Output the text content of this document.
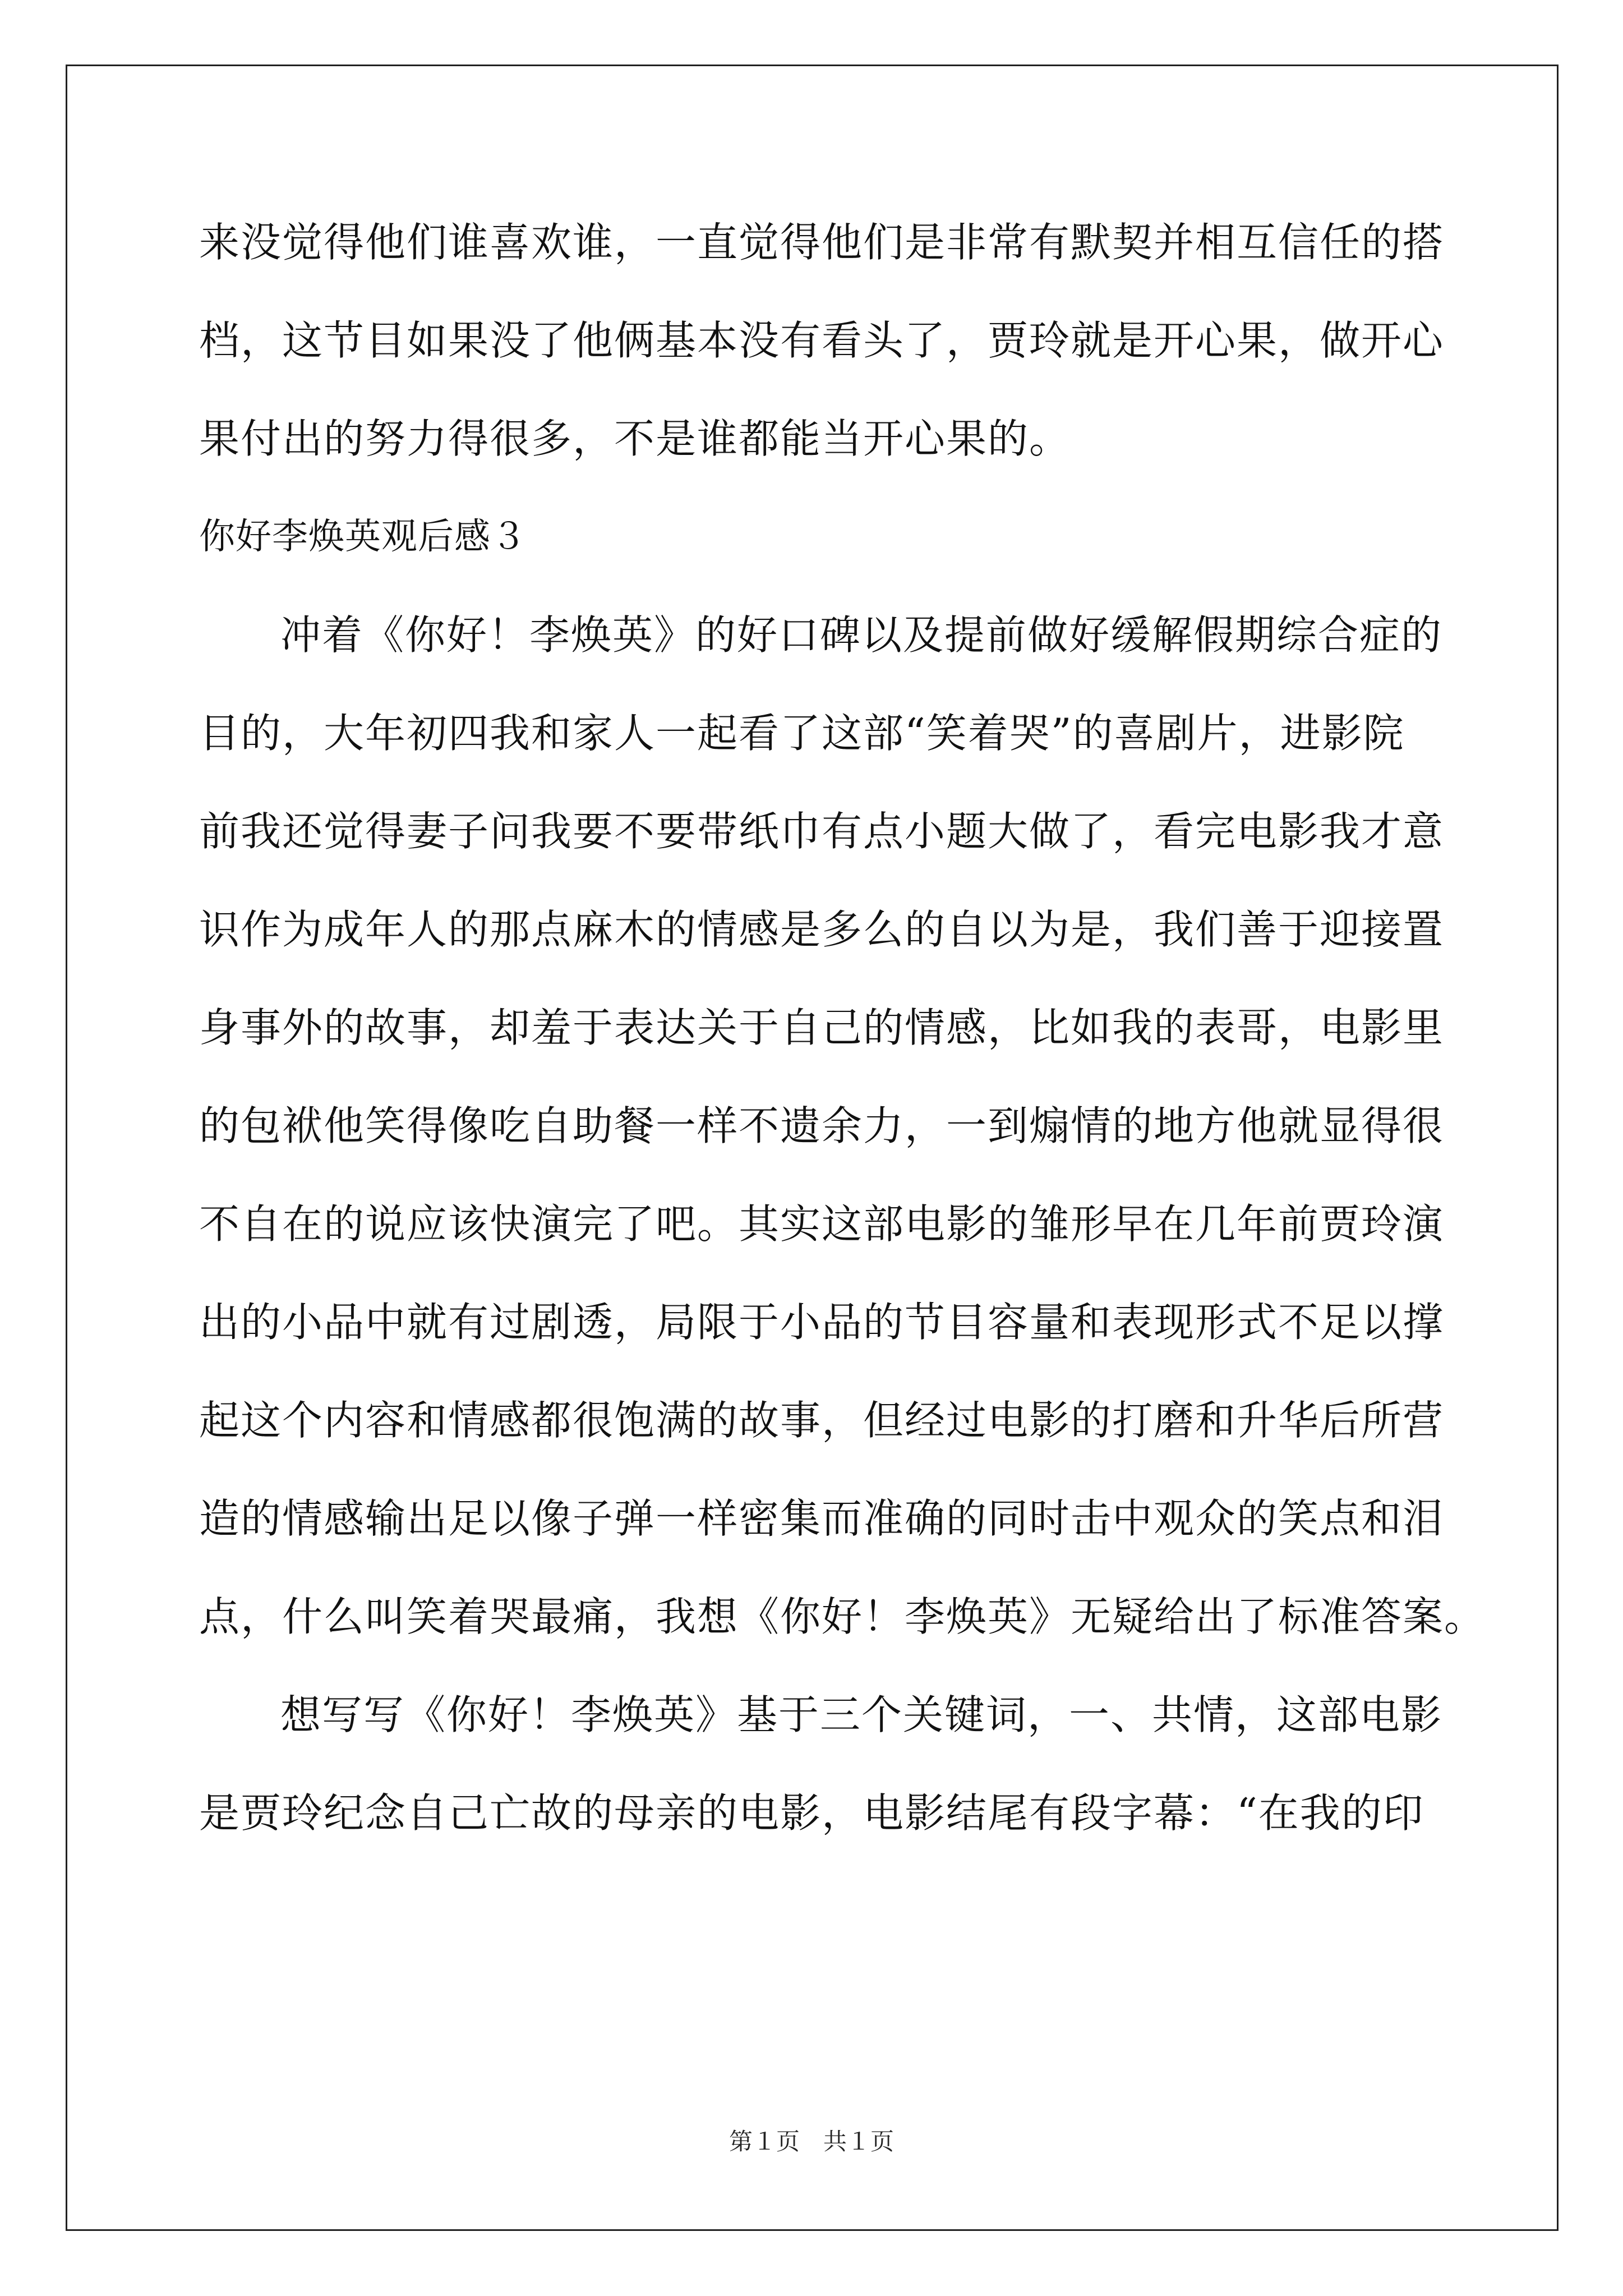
来没觉得他们谁喜欢谁，一直觉得他们是非常有默契并相互信任的搭
档，这节目如果没了他俩基本没有看头了，贾玲就是开心果，做开心
果付出的努力得很多，不是谁都能当开心果的。
你好李焕英观后感３
冲着《你好！李焕英》的好口碑以及提前做好缓解假期综合症的
目的，大年初四我和家人一起看了这部“笑着哭”的喜剧片，进影院
前我还觉得妻子问我要不要带纸巾有点小题大做了，看完电影我才意
识作为成年人的那点麻木的情感是多么的自以为是，我们善于迎接置
身事外的故事，却羞于表达关于自己的情感，比如我的表哥，电影里
的包袱他笑得像吃自助餐一样不遗余力，一到煽情的地方他就显得很
不自在的说应该快演完了吧。其实这部电影的雏形早在几年前贾玲演
出的小品中就有过剧透，局限于小品的节目容量和表现形式不足以撑
起这个内容和情感都很饱满的故事，但经过电影的打磨和升华后所营
造的情感输出足以像子弹一样密集而准确的同时击中观众的笑点和泪
点，什么叫笑着哭最痛，我想《你好！李焕英》无疑给出了标准答案。
想写写《你好！李焕英》基于三个关键词，一、共情，这部电影
是贾玲纪念自己亡故的母亲的电影，电影结尾有段字幕：“在我的印
第１页　共１页
